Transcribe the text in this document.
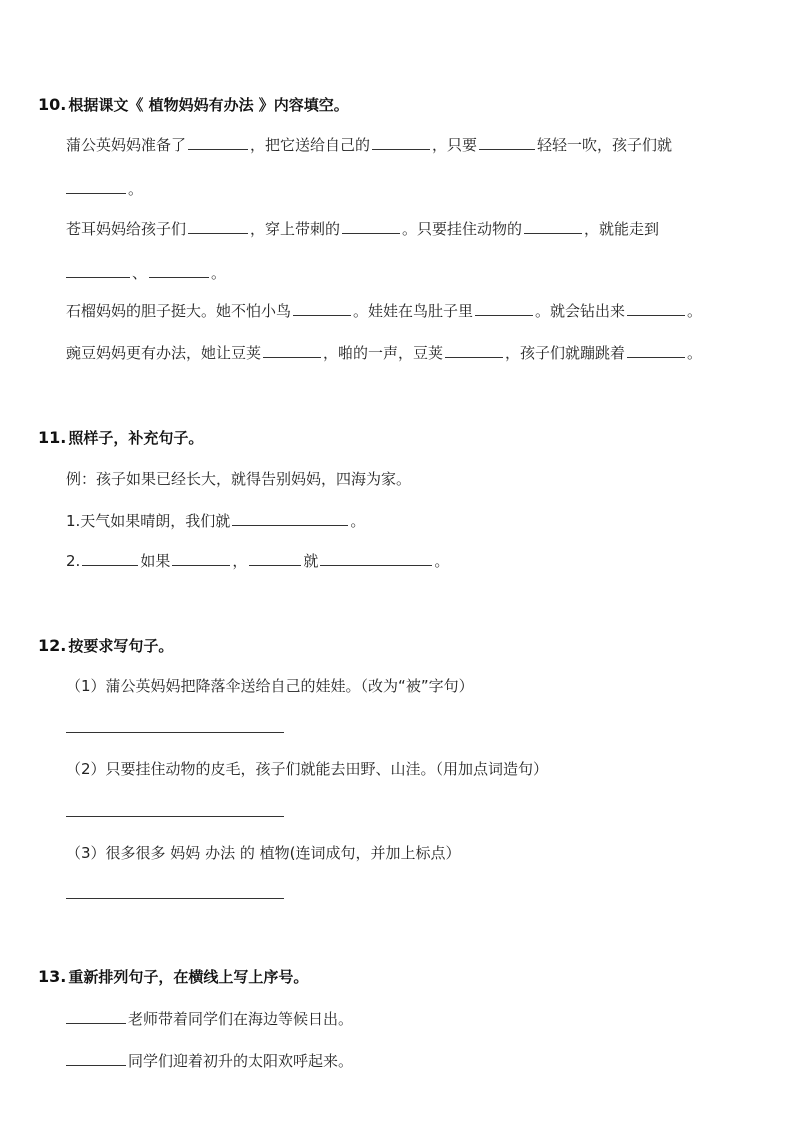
10. 根据课文《 植物妈妈有办法 》内容填空。
蒲公英妈妈准备了	，把它送给自己的	，只要	轻轻一吹，孩子们就
。
苍耳妈妈给孩子们	，穿上带刺的	。只要挂住动物的	，就能走到
、	。
石榴妈妈的胆子挺大。她不怕小鸟	。娃娃在鸟肚子里	。就会钻出来	。
豌豆妈妈更有办法，她让豆荚	，啪的一声，豆荚	，孩子们就蹦跳着	。
11. 照样子，补充句子。
例：孩子如果已经长大，就得告别妈妈，四海为家。
1.天气如果晴朗，我们就	。
2.	如果	，	就	。
12. 按要求写句子。
（1）蒲公英妈妈把降落伞送给自己的娃娃。（改为“被”字句）
（2）只要挂住动物的皮毛，孩子们就能去田野、山洼。（用加点词造句）
（3）很多很多 妈妈 办法 的 植物(连词成句，并加上标点）
13. 重新排列句子，在横线上写上序号。
老师带着同学们在海边等候日出。
同学们迎着初升的太阳欢呼起来。
